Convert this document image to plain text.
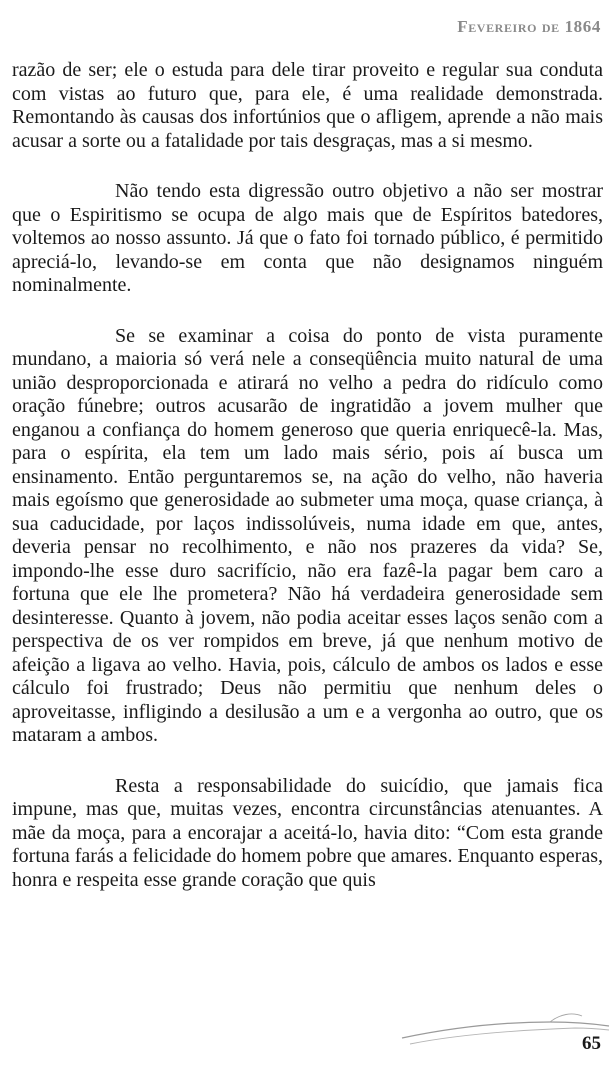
Fevereiro de 1864

razão de ser; ele o estuda para dele tirar proveito e regular sua conduta com vistas ao futuro que, para ele, é uma realidade demonstrada. Remontando às causas dos infortúnios que o afligem, aprende a não mais acusar a sorte ou a fatalidade por tais desgraças, mas a si mesmo.

Não tendo esta digressão outro objetivo a não ser mostrar que o Espiritismo se ocupa de algo mais que de Espíritos batedores, voltemos ao nosso assunto. Já que o fato foi tornado público, é permitido apreciá-lo, levando-se em conta que não designamos ninguém nominalmente.

Se se examinar a coisa do ponto de vista puramente mundano, a maioria só verá nele a conseqüência muito natural de uma união desproporcionada e atirará no velho a pedra do ridículo como oração fúnebre; outros acusarão de ingratidão a jovem mulher que enganou a confiança do homem generoso que queria enriquecê-la. Mas, para o espírita, ela tem um lado mais sério, pois aí busca um ensinamento. Então perguntaremos se, na ação do velho, não haveria mais egoísmo que generosidade ao submeter uma moça, quase criança, à sua caducidade, por laços indissolúveis, numa idade em que, antes, deveria pensar no recolhimento, e não nos prazeres da vida? Se, impondo-lhe esse duro sacrifício, não era fazê-la pagar bem caro a fortuna que ele lhe prometera? Não há verdadeira generosidade sem desinteresse. Quanto à jovem, não podia aceitar esses laços senão com a perspectiva de os ver rompidos em breve, já que nenhum motivo de afeição a ligava ao velho. Havia, pois, cálculo de ambos os lados e esse cálculo foi frustrado; Deus não permitiu que nenhum deles o aproveitasse, infligindo a desilusão a um e a vergonha ao outro, que os mataram a ambos.

Resta a responsabilidade do suicídio, que jamais fica impune, mas que, muitas vezes, encontra circunstâncias atenuantes. A mãe da moça, para a encorajar a aceitá-lo, havia dito: “Com esta grande fortuna farás a felicidade do homem pobre que amares. Enquanto esperas, honra e respeita esse grande coração que quis

65
